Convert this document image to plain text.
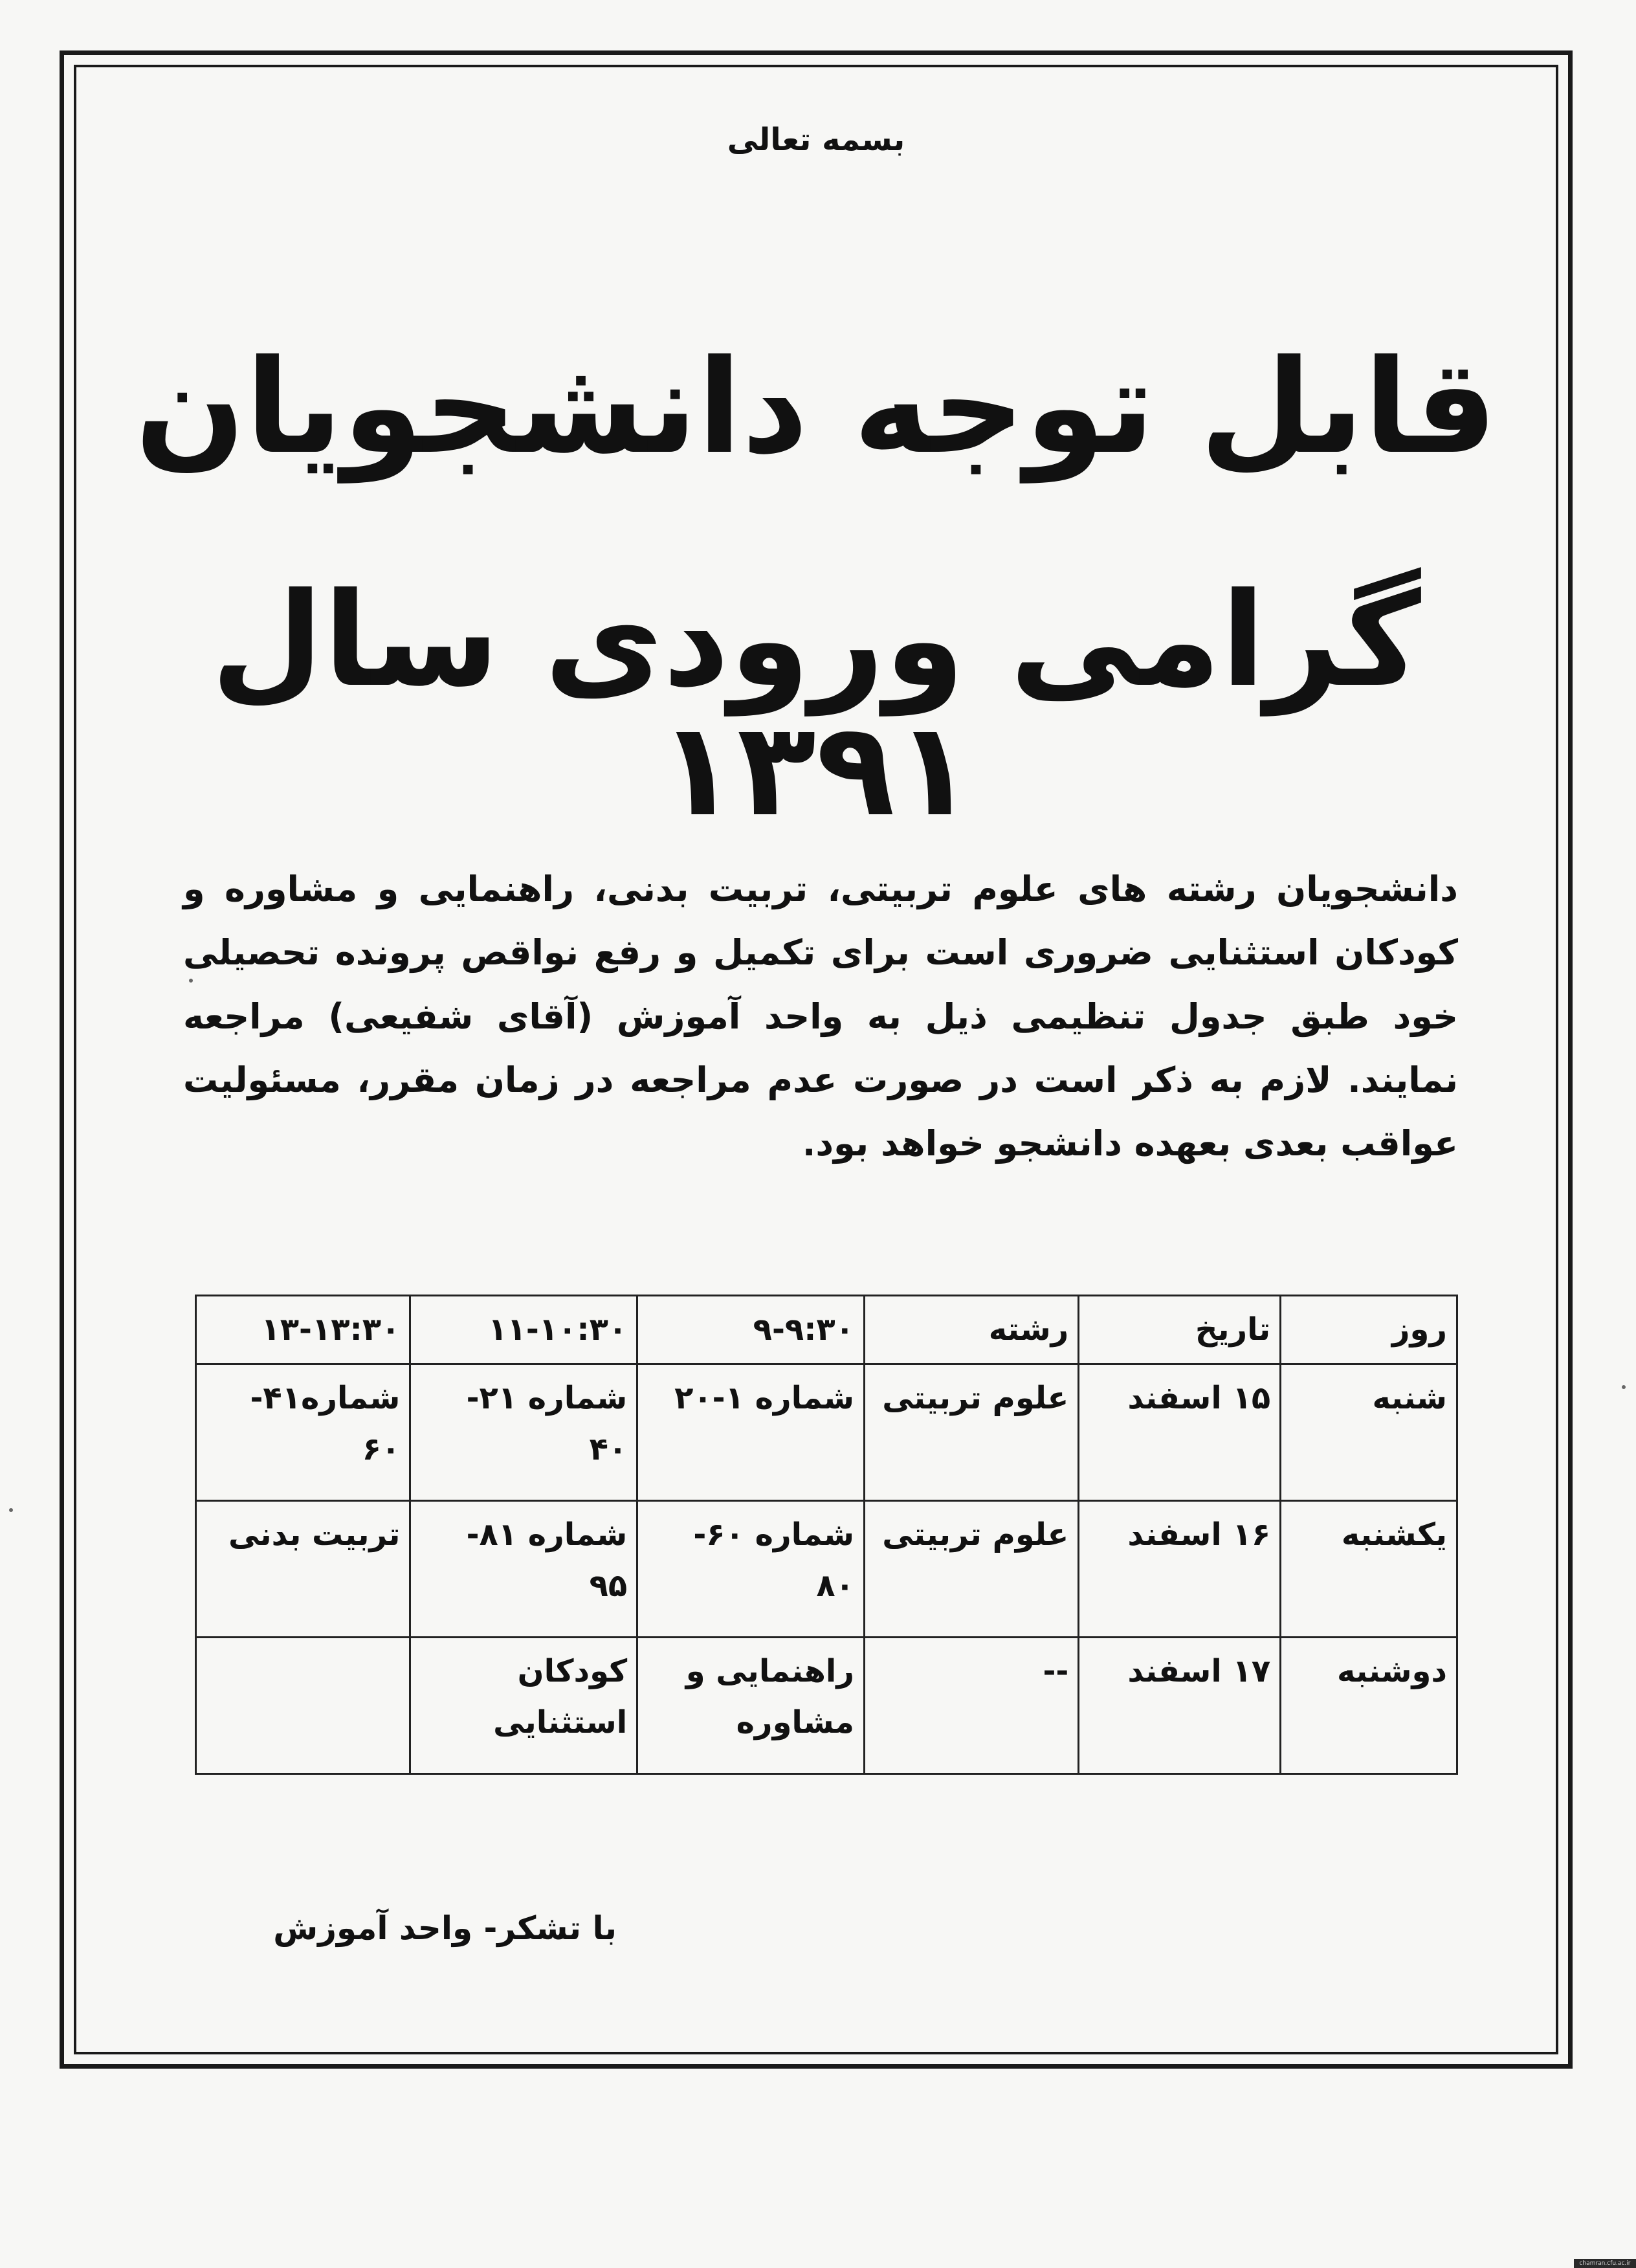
بسمه تعالی
قابل توجه دانشجویان
گرامی ورودی سال ۱۳۹۱
دانشجویان رشته های علوم تربیتی، تربیت بدنی، راهنمایی و مشاوره و کودکان استثنایی ضروری است برای تکمیل و رفع نواقص پرونده تحصیلی خود طبق جدول تنظیمی ذیل به واحد آموزش (آقای شفیعی) مراجعه نمایند. لازم به ذکر است در صورت عدم مراجعه در زمان مقرر، مسئولیت عواقب بعدی بعهده دانشجو خواهد بود.
روز	تاریخ	رشته	۹-۹:۳۰	۱۱-۱۰:۳۰	۱۳-۱۳:۳۰
شنبه	۱۵ اسفند	علوم تربیتی	شماره ۱-۲۰	شماره ۲۱- ۴۰	شماره۴۱- ۶۰
یکشنبه	۱۶ اسفند	علوم تربیتی	شماره ۶۰- ۸۰	شماره ۸۱- ۹۵	تربیت بدنی
دوشنبه	۱۷ اسفند	--	راهنمایی و مشاوره	کودکان استثنایی	
با تشکر- واحد آموزش
chamran.cfu.ac.ir
